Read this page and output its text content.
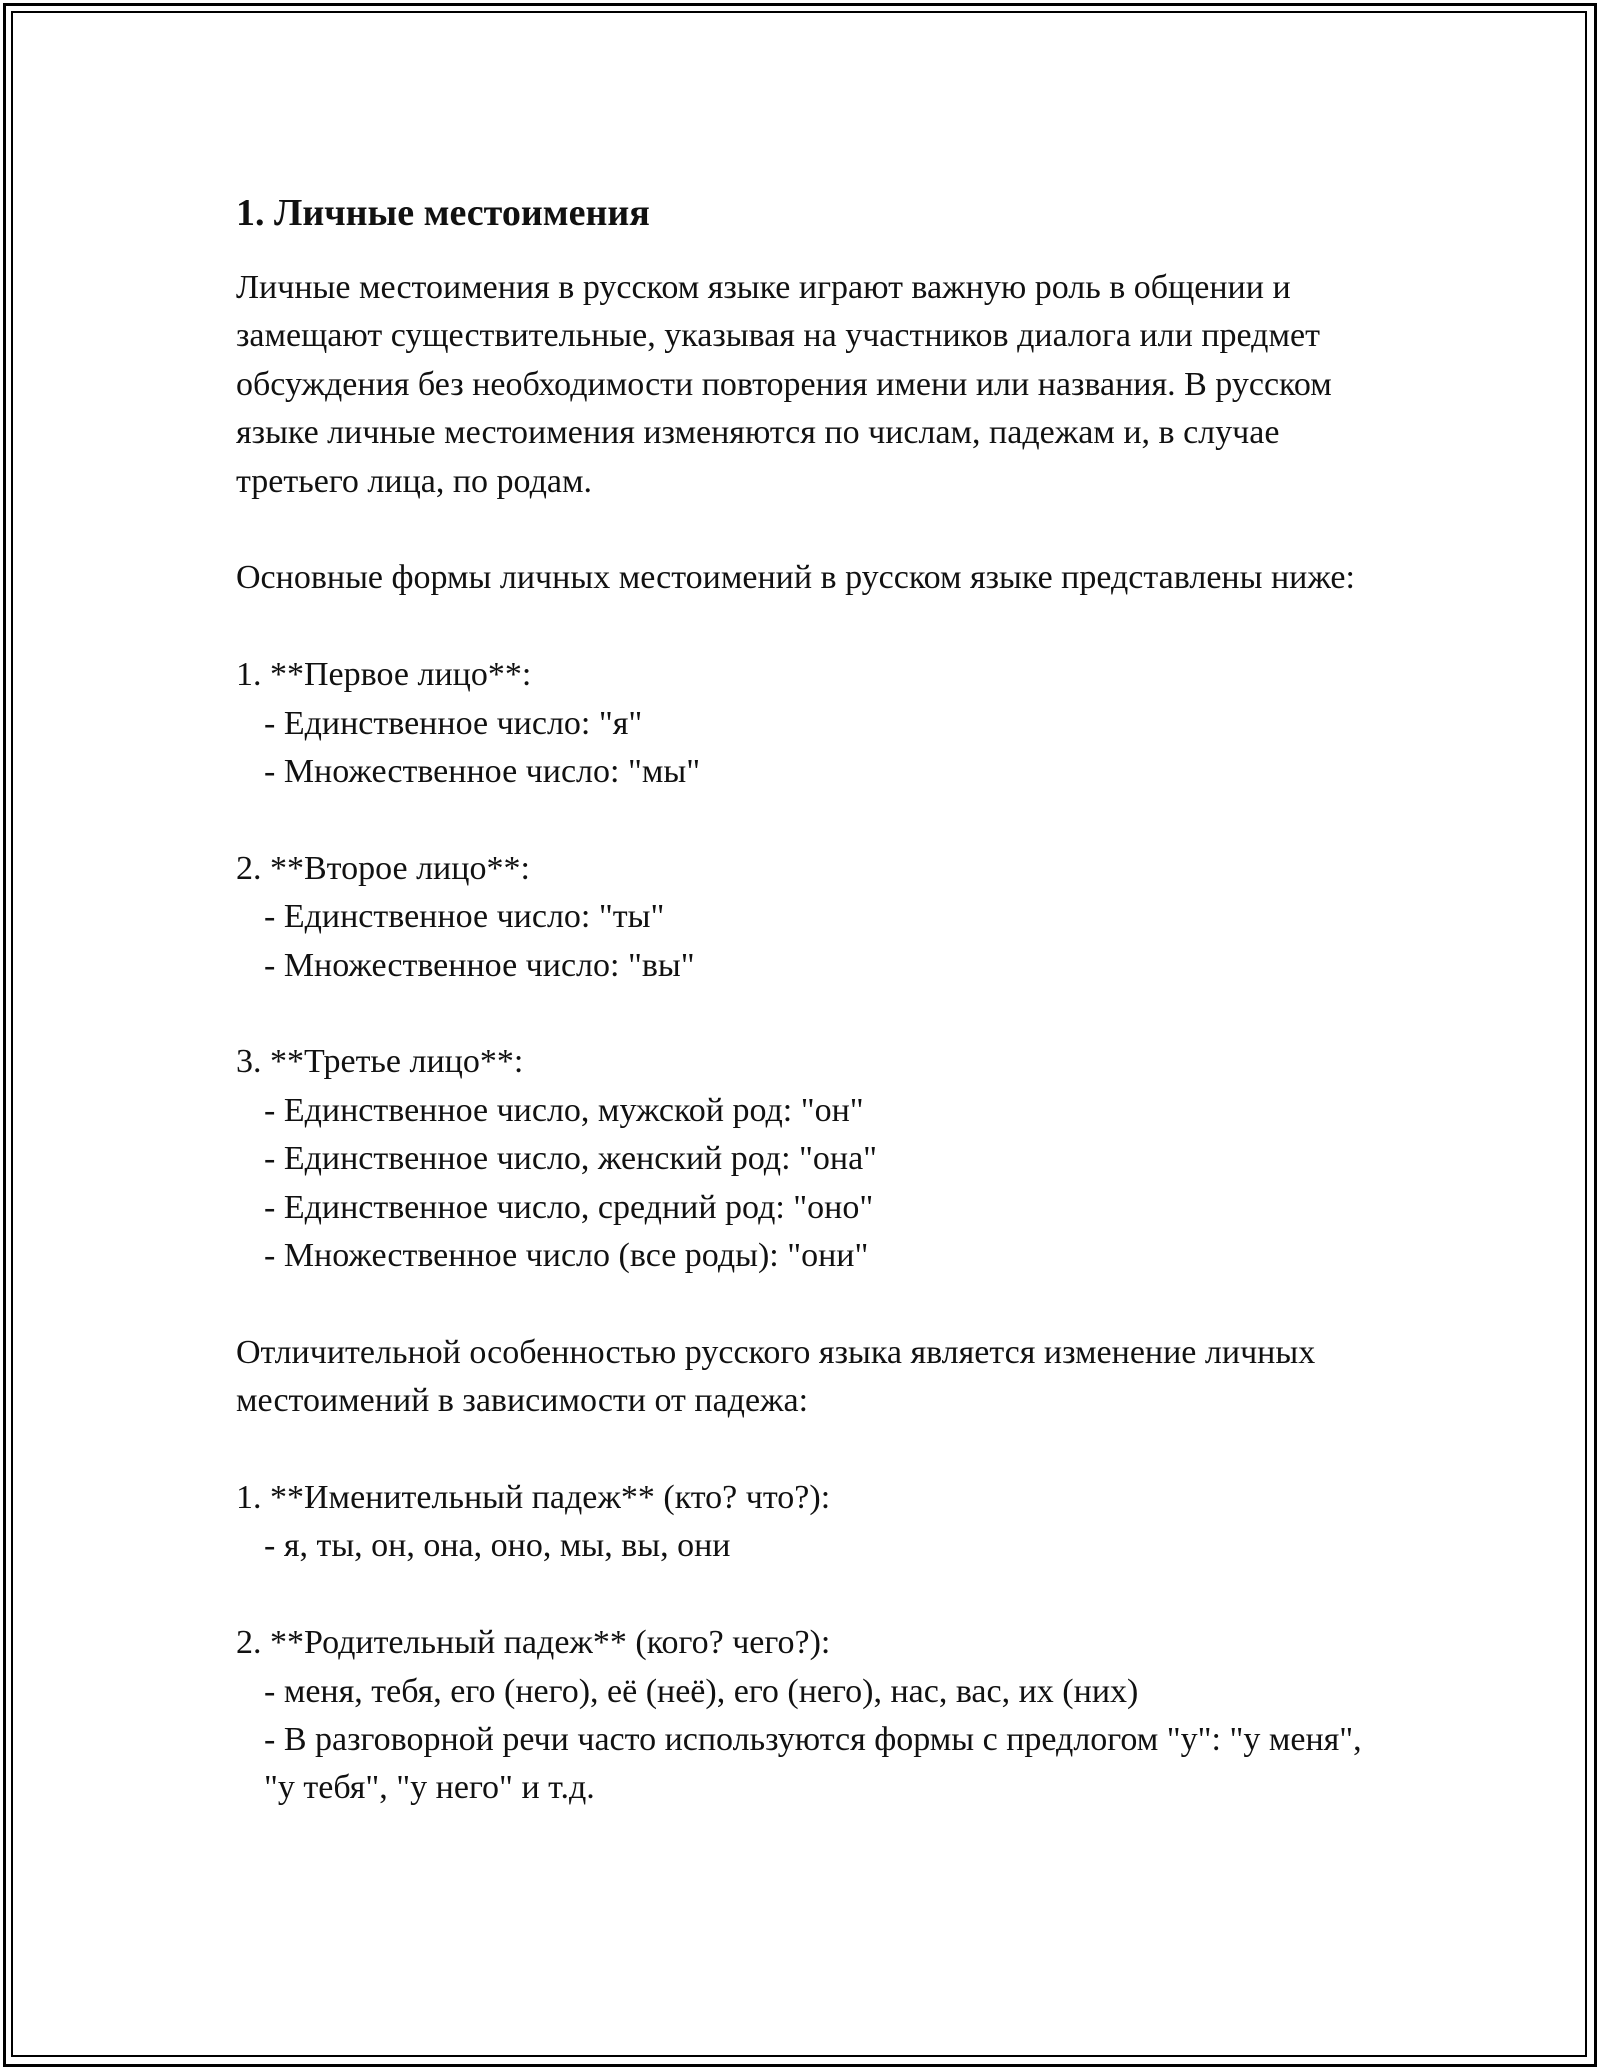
1. Личные местоимения

Личные местоимения в русском языке играют важную роль в общении и замещают существительные, указывая на участников диалога или предмет обсуждения без необходимости повторения имени или названия. В русском языке личные местоимения изменяются по числам, падежам и, в случае третьего лица, по родам.

Основные формы личных местоимений в русском языке представлены ниже:

1. **Первое лицо**:
- Единственное число: "я"
- Множественное число: "мы"
2. **Второе лицо**:
- Единственное число: "ты"
- Множественное число: "вы"
3. **Третье лицо**:
- Единственное число, мужской род: "он"
- Единственное число, женский род: "она"
- Единственное число, средний род: "оно"
- Множественное число (все роды): "они"

Отличительной особенностью русского языка является изменение личных местоимений в зависимости от падежа:

1. **Именительный падеж** (кто? что?):
- я, ты, он, она, оно, мы, вы, они
2. **Родительный падеж** (кого? чего?):
- меня, тебя, его (него), её (неё), его (него), нас, вас, их (них)
- В разговорной речи часто используются формы с предлогом "у": "у меня", "у тебя", "у него" и т.д.
